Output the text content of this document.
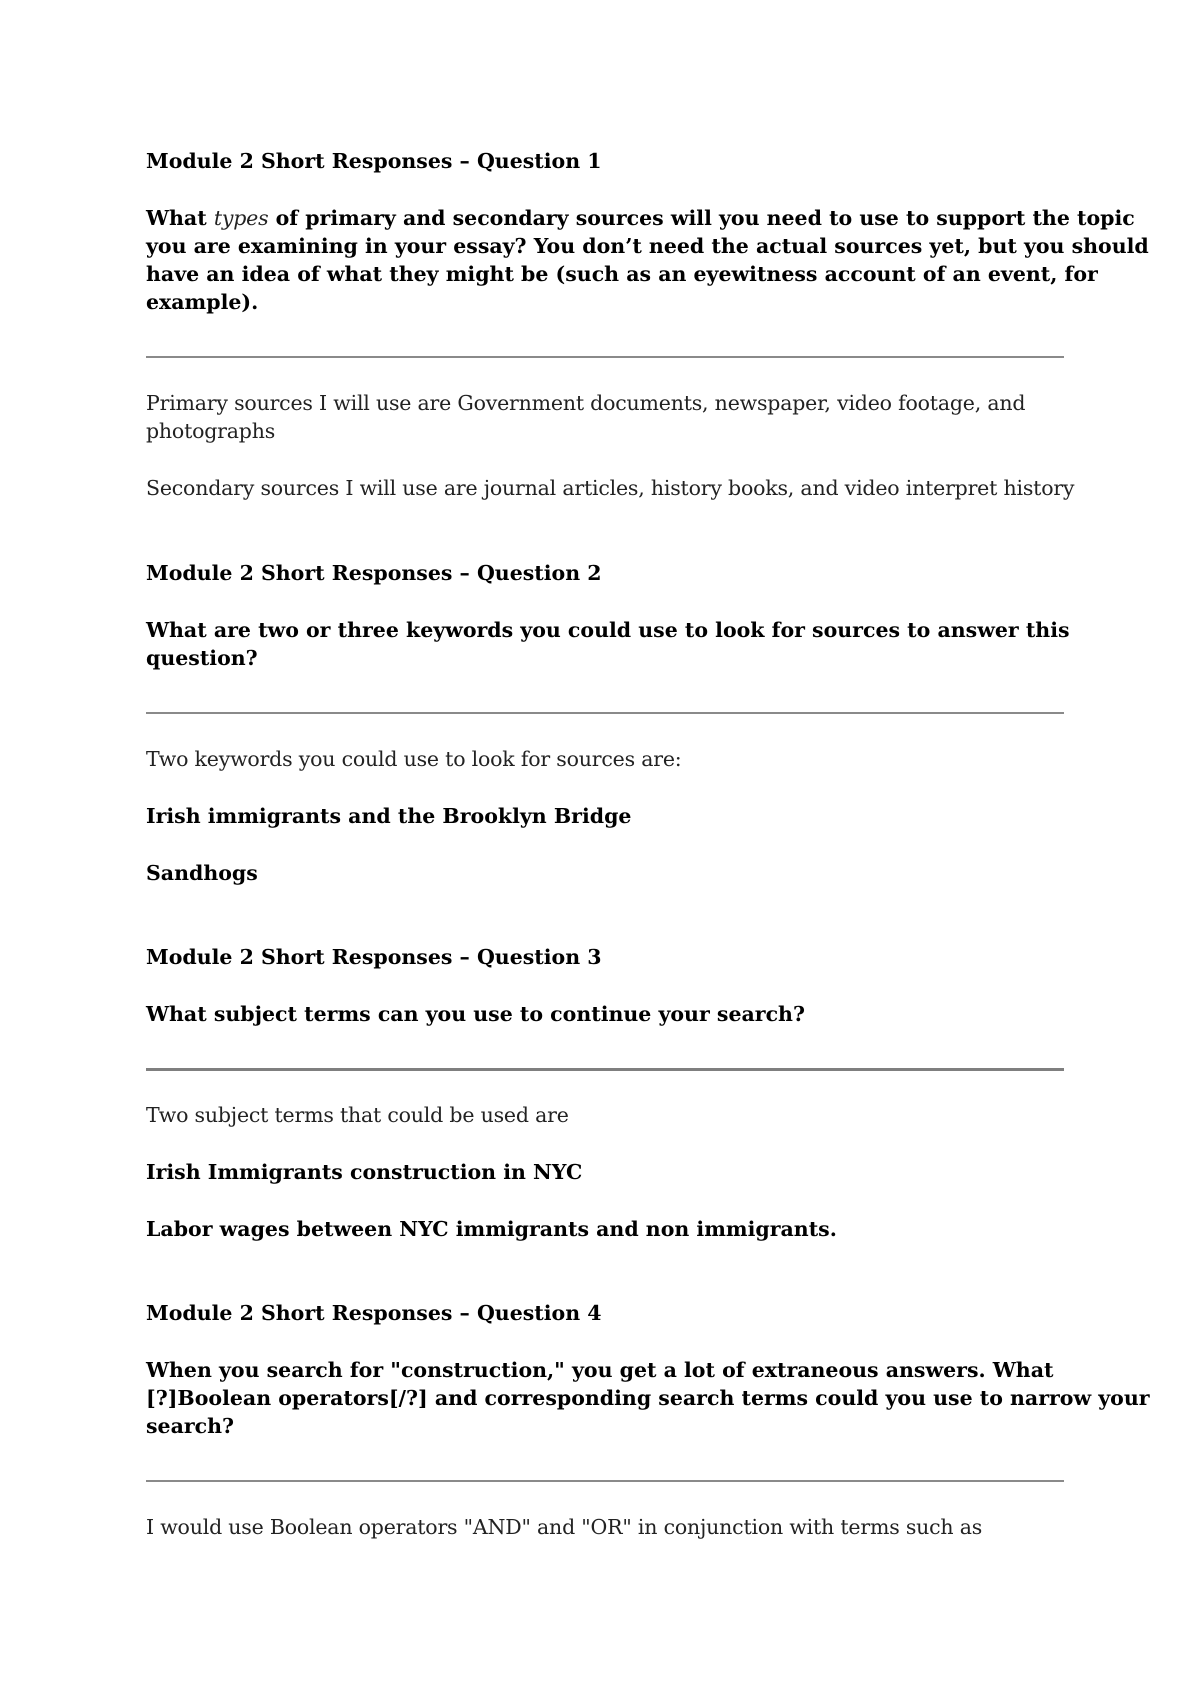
Module 2 Short Responses – Question 1
What types of primary and secondary sources will you need to use to support the topic
you are examining in your essay? You don’t need the actual sources yet, but you should
have an idea of what they might be (such as an eyewitness account of an event, for
example).
Primary sources I will use are Government documents, newspaper, video footage, and
photographs
Secondary sources I will use are journal articles, history books, and video interpret history
Module 2 Short Responses – Question 2
What are two or three keywords you could use to look for sources to answer this
question?
Two keywords you could use to look for sources are:
Irish immigrants and the Brooklyn Bridge
Sandhogs
Module 2 Short Responses – Question 3
What subject terms can you use to continue your search?
Two subject terms that could be used are
Irish Immigrants construction in NYC
Labor wages between NYC immigrants and non immigrants.
Module 2 Short Responses – Question 4
When you search for "construction," you get a lot of extraneous answers. What
[?]Boolean operators[/?] and corresponding search terms could you use to narrow your
search?
I would use Boolean operators "AND" and "OR" in conjunction with terms such as
